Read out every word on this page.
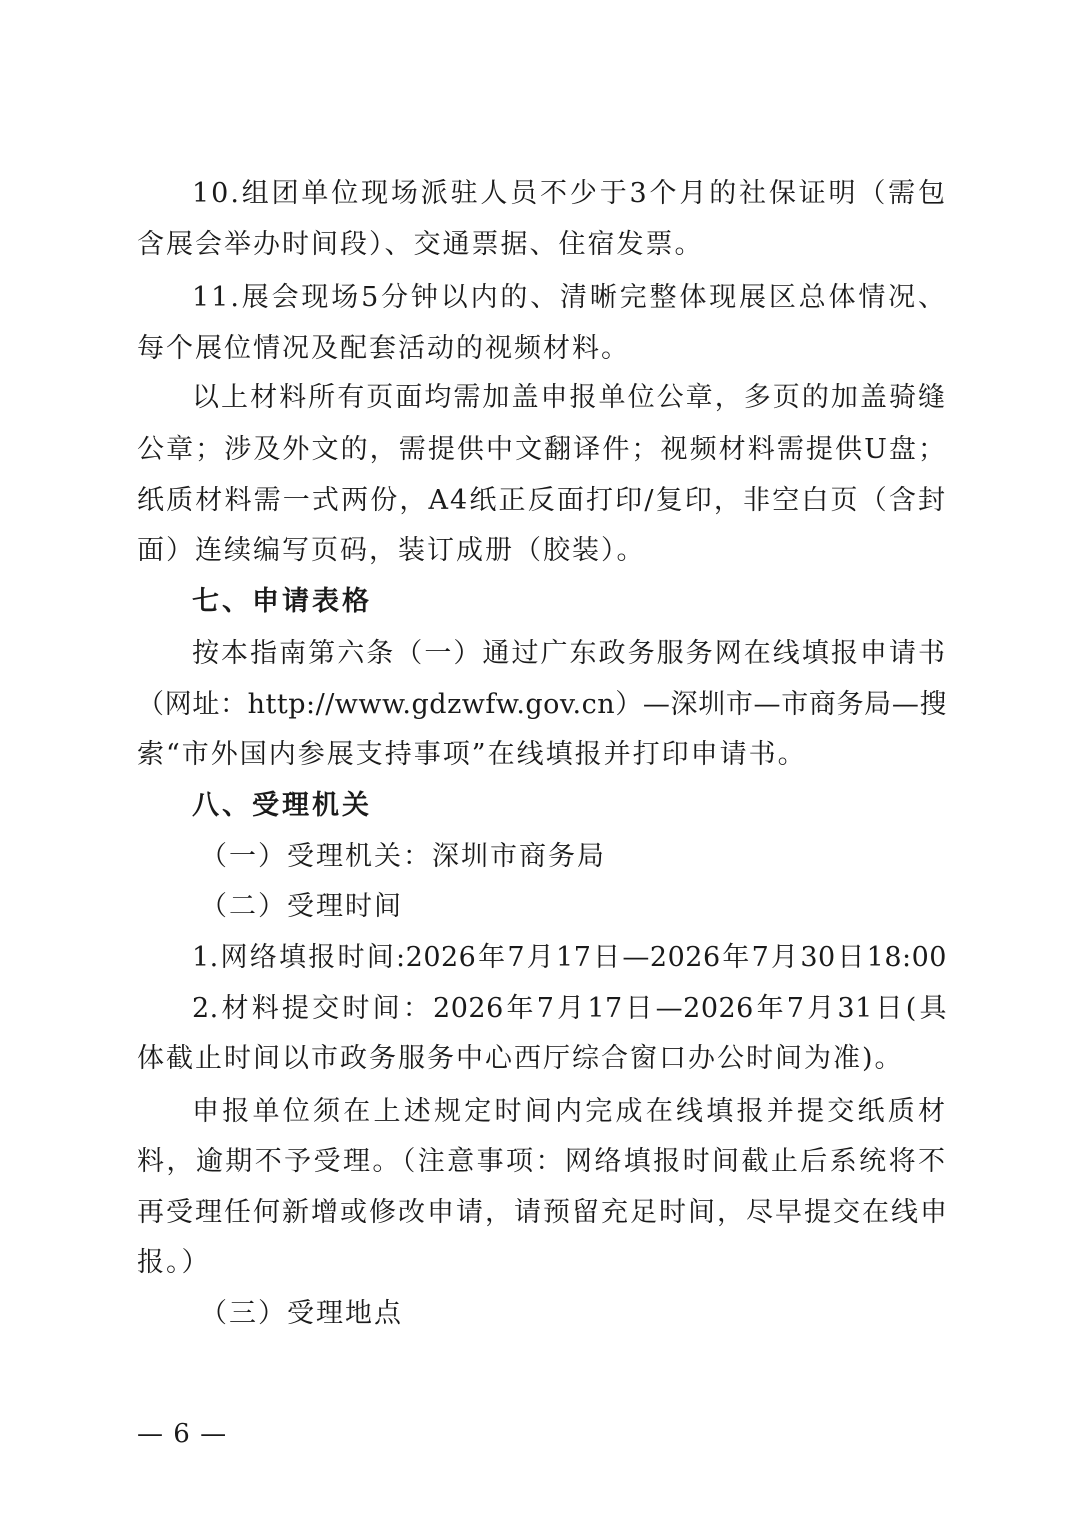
10.组团单位现场派驻人员不少于3个月的社保证明（需包
含展会举办时间段）、交通票据、住宿发票。
11.展会现场5分钟以内的、清晰完整体现展区总体情况、
每个展位情况及配套活动的视频材料。
以上材料所有页面均需加盖申报单位公章，多页的加盖骑缝
公章；涉及外文的，需提供中文翻译件；视频材料需提供U盘；
纸质材料需一式两份，A4纸正反面打印/复印，非空白页（含封
面）连续编写页码，装订成册（胶装）。
七、申请表格
按本指南第六条（一）通过广东政务服务网在线填报申请书
（网址：http://www.gdzwfw.gov.cn）—深圳市—市商务局—搜
索“市外国内参展支持事项”在线填报并打印申请书。
八、受理机关
（一）受理机关：深圳市商务局
（二）受理时间
1.网络填报时间:2026年7月17日—2026年7月30日18:00
2.材料提交时间：2026年7月17日—2026年7月31日(具
体截止时间以市政务服务中心西厅综合窗口办公时间为准)。
申报单位须在上述规定时间内完成在线填报并提交纸质材
料，逾期不予受理。（注意事项：网络填报时间截止后系统将不
再受理任何新增或修改申请，请预留充足时间，尽早提交在线申
报。）
（三）受理地点
— 6 —
